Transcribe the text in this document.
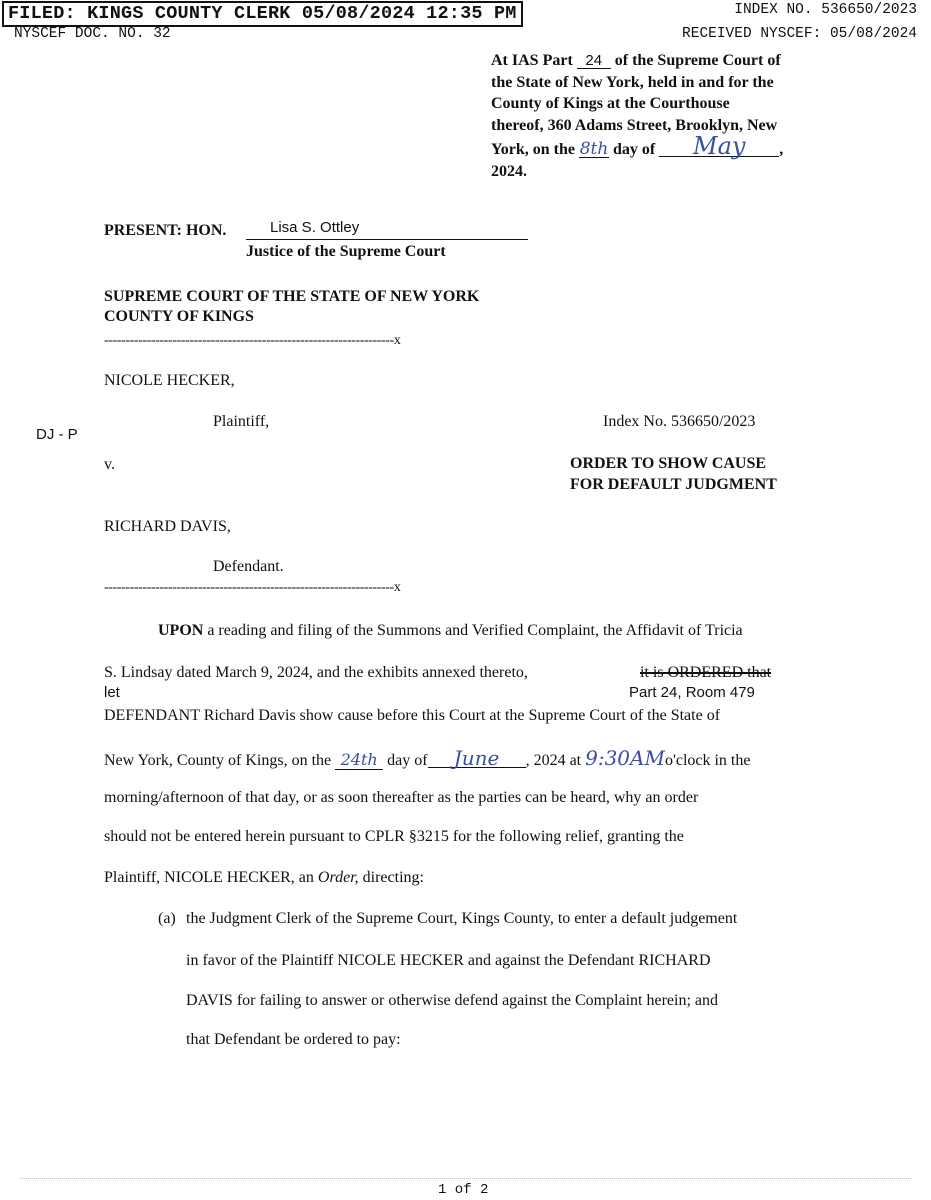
FILED: KINGS COUNTY CLERK 05/08/2024 12:35 PM	INDEX NO. 536650/2023
NYSCEF DOC. NO. 32	RECEIVED NYSCEF: 05/08/2024
At IAS Part 24 of the Supreme Court of
the State of New York, held in and for the
County of Kings at the Courthouse
thereof, 360 Adams Street, Brooklyn, New
York, on the 8th day of May ,
2024.
PRESENT: HON.	Lisa S. Ottley
Justice of the Supreme Court
SUPREME COURT OF THE STATE OF NEW YORK
COUNTY OF KINGS
--------------------------------------------------------------------x
NICOLE HECKER,
Plaintiff,
DJ - P
Index No. 536650/2023
v.	ORDER TO SHOW CAUSE
FOR DEFAULT JUDGMENT
RICHARD DAVIS,
Defendant.
--------------------------------------------------------------------x
UPON a reading and filing of the Summons and Verified Complaint, the Affidavit of Tricia
S. Lindsay dated March 9, 2024, and the exhibits annexed thereto,	it is ORDERED that
let	Part 24, Room 479
DEFENDANT Richard Davis show cause before this Court at the Supreme Court of the State of
New York, County of Kings, on the 24th day of June , 2024 at 9:30AMo'clock in the
morning/afternoon of that day, or as soon thereafter as the parties can be heard, why an order
should not be entered herein pursuant to CPLR §3215 for the following relief, granting the
Plaintiff, NICOLE HECKER, an Order, directing:
(a) the Judgment Clerk of the Supreme Court, Kings County, to enter a default judgement
in favor of the Plaintiff NICOLE HECKER and against the Defendant RICHARD
DAVIS for failing to answer or otherwise defend against the Complaint herein; and
that Defendant be ordered to pay:
1 of 2
